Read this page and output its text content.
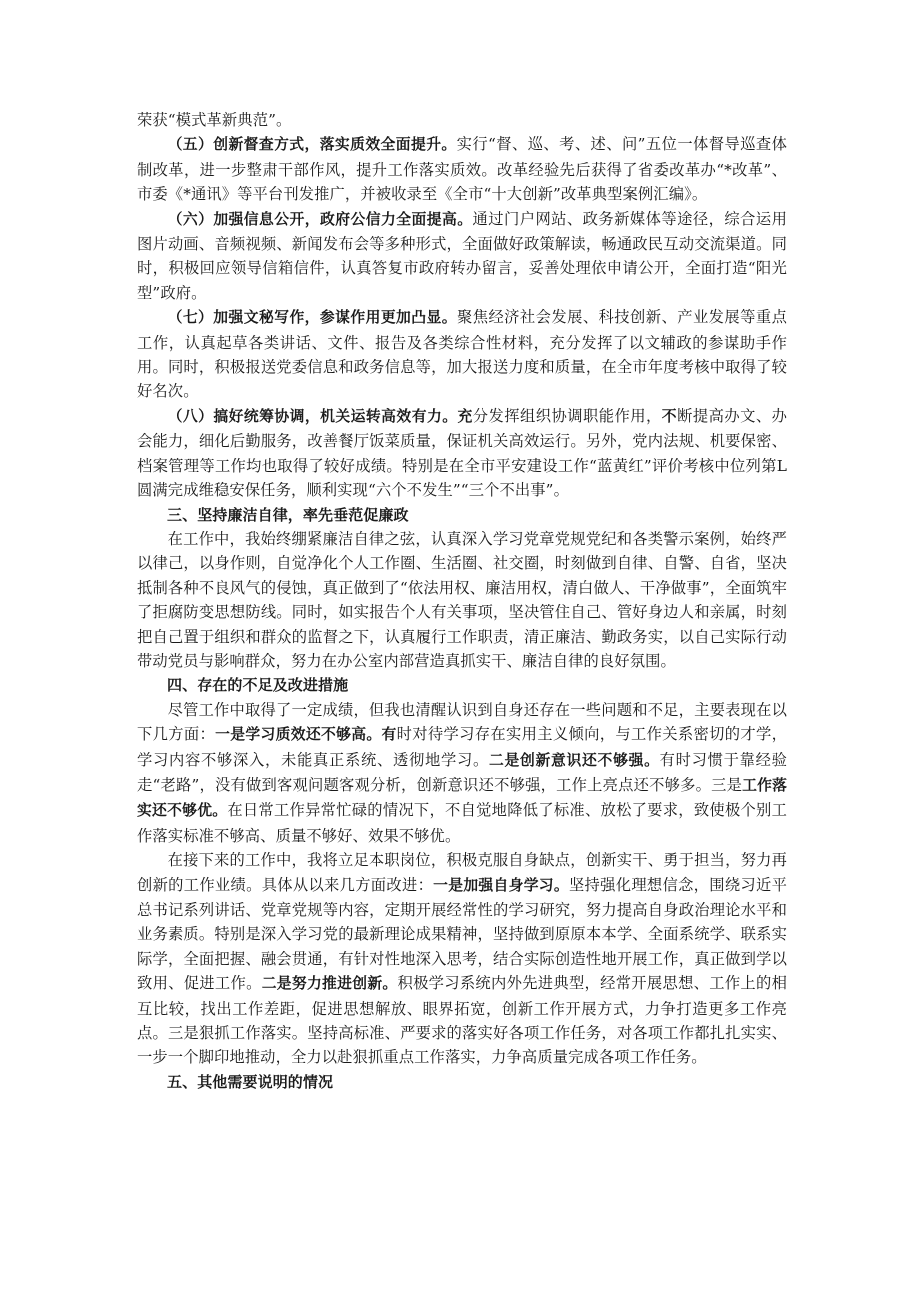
荣获“模式革新典范”。

（五）创新督查方式，落实质效全面提升。实行“督、巡、考、述、问”五位一体督导巡查体制改革，进一步整肃干部作风，提升工作落实质效。改革经验先后获得了省委改革办“*改革”、市委《*通讯》等平台刊发推广，并被收录至《全市“十大创新”改革典型案例汇编》。

（六）加强信息公开，政府公信力全面提高。通过门户网站、政务新媒体等途径，综合运用图片动画、音频视频、新闻发布会等多种形式，全面做好政策解读，畅通政民互动交流渠道。同时，积极回应领导信箱信件，认真答复市政府转办留言，妥善处理依申请公开，全面打造“阳光型”政府。

（七）加强文秘写作，参谋作用更加凸显。聚焦经济社会发展、科技创新、产业发展等重点工作，认真起草各类讲话、文件、报告及各类综合性材料，充分发挥了以文辅政的参谋助手作用。同时，积极报送党委信息和政务信息等，加大报送力度和质量，在全市年度考核中取得了较好名次。

（八）搞好统筹协调，机关运转高效有力。充分发挥组织协调职能作用，不断提高办文、办会能力，细化后勤服务，改善餐厅饭菜质量，保证机关高效运行。另外，党内法规、机要保密、档案管理等工作均也取得了较好成绩。特别是在全市平安建设工作“蓝黄红”评价考核中位列第L圆满完成维稳安保任务，顺利实现“六个不发生”“三个不出事”。

三、坚持廉洁自律，率先垂范促廉政

在工作中，我始终绷紧廉洁自律之弦，认真深入学习党章党规党纪和各类警示案例，始终严以律己，以身作则，自觉净化个人工作圈、生活圈、社交圈，时刻做到自律、自警、自省，坚决抵制各种不良风气的侵蚀，真正做到了“依法用权、廉洁用权，清白做人、干净做事”，全面筑牢了拒腐防变思想防线。同时，如实报告个人有关事项，坚决管住自己、管好身边人和亲属，时刻把自己置于组织和群众的监督之下，认真履行工作职责，清正廉洁、勤政务实，以自己实际行动带动党员与影响群众，努力在办公室内部营造真抓实干、廉洁自律的良好氛围。

四、存在的不足及改进措施

尽管工作中取得了一定成绩，但我也清醒认识到自身还存在一些问题和不足，主要表现在以下几方面：一是学习质效还不够高。有时对待学习存在实用主义倾向，与工作关系密切的才学，学习内容不够深入，未能真正系统、透彻地学习。二是创新意识还不够强。有时习惯于靠经验走“老路”，没有做到客观问题客观分析，创新意识还不够强，工作上亮点还不够多。三是工作落实还不够优。在日常工作异常忙碌的情况下，不自觉地降低了标准、放松了要求，致使极个别工作落实标准不够高、质量不够好、效果不够优。

在接下来的工作中，我将立足本职岗位，积极克服自身缺点，创新实干、勇于担当，努力再创新的工作业绩。具体从以来几方面改进：一是加强自身学习。坚持强化理想信念，围绕习近平总书记系列讲话、党章党规等内容，定期开展经常性的学习研究，努力提高自身政治理论水平和业务素质。特别是深入学习党的最新理论成果精神，坚持做到原原本本学、全面系统学、联系实际学，全面把握、融会贯通，有针对性地深入思考，结合实际创造性地开展工作，真正做到学以致用、促进工作。二是努力推进创新。积极学习系统内外先进典型，经常开展思想、工作上的相互比较，找出工作差距，促进思想解放、眼界拓宽，创新工作开展方式，力争打造更多工作亮点。三是狠抓工作落实。坚持高标准、严要求的落实好各项工作任务，对各项工作都扎扎实实、一步一个脚印地推动，全力以赴狠抓重点工作落实，力争高质量完成各项工作任务。

五、其他需要说明的情况
